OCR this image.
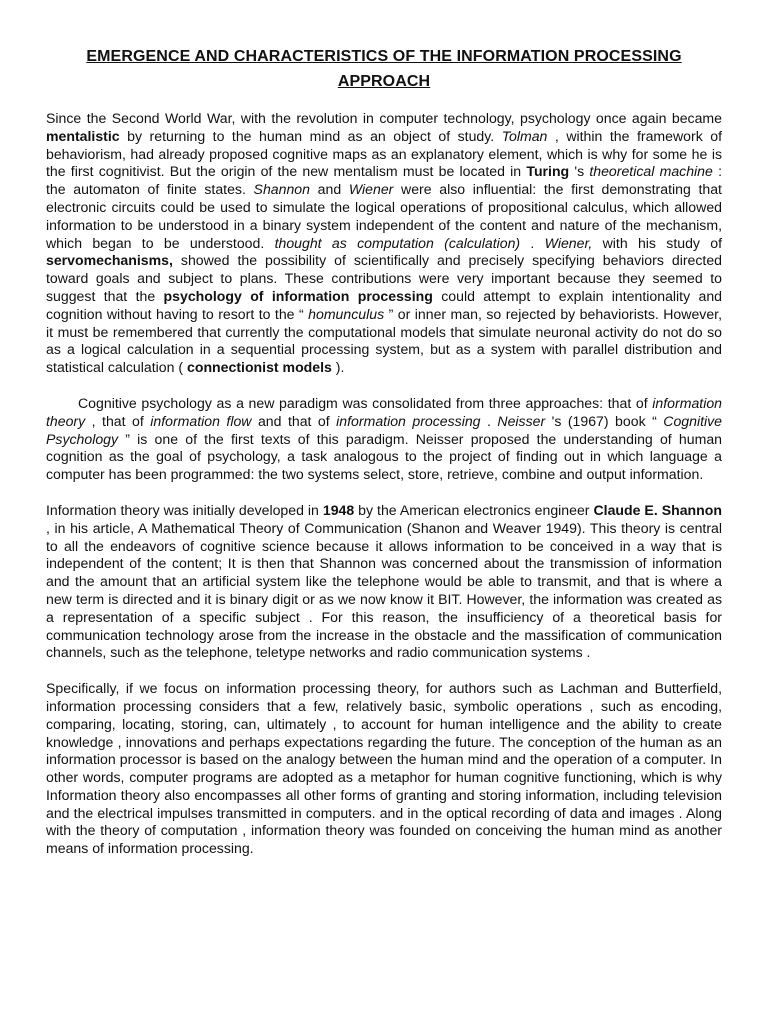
EMERGENCE AND CHARACTERISTICS OF THE INFORMATION PROCESSING APPROACH

Since the Second World War, with the revolution in computer technology, psychology once again became mentalistic by returning to the human mind as an object of study. Tolman , within the framework of behaviorism, had already proposed cognitive maps as an explanatory element, which is why for some he is the first cognitivist. But the origin of the new mentalism must be located in Turing 's theoretical machine : the automaton of finite states. Shannon and Wiener were also influential: the first demonstrating that electronic circuits could be used to simulate the logical operations of propositional calculus, which allowed information to be understood in a binary system independent of the content and nature of the mechanism, which began to be understood. thought as computation (calculation) . Wiener, with his study of servomechanisms, showed the possibility of scientifically and precisely specifying behaviors directed toward goals and subject to plans. These contributions were very important because they seemed to suggest that the psychology of information processing could attempt to explain intentionality and cognition without having to resort to the “ homunculus ” or inner man, so rejected by behaviorists. However, it must be remembered that currently the computational models that simulate neuronal activity do not do so as a logical calculation in a sequential processing system, but as a system with parallel distribution and statistical calculation ( connectionist models ).

Cognitive psychology as a new paradigm was consolidated from three approaches: that of information theory , that of information flow and that of information processing . Neisser 's (1967) book “ Cognitive Psychology ” is one of the first texts of this paradigm. Neisser proposed the understanding of human cognition as the goal of psychology, a task analogous to the project of finding out in which language a computer has been programmed: the two systems select, store, retrieve, combine and output information.

Information theory was initially developed in 1948 by the American electronics engineer Claude E. Shannon , in his article, A Mathematical Theory of Communication (Shanon and Weaver 1949). This theory is central to all the endeavors of cognitive science because it allows information to be conceived in a way that is independent of the content; It is then that Shannon was concerned about the transmission of information and the amount that an artificial system like the telephone would be able to transmit, and that is where a new term is directed and it is binary digit or as we now know it BIT. However, the information was created as a representation of a specific subject . For this reason, the insufficiency of a theoretical basis for communication technology arose from the increase in the obstacle and the massification of communication channels, such as the telephone, teletype networks and radio communication systems .

Specifically, if we focus on information processing theory, for authors such as Lachman and Butterfield, information processing considers that a few, relatively basic, symbolic operations , such as encoding, comparing, locating, storing, can, ultimately , to account for human intelligence and the ability to create knowledge , innovations and perhaps expectations regarding the future. The conception of the human as an information processor is based on the analogy between the human mind and the operation of a computer. In other words, computer programs are adopted as a metaphor for human cognitive functioning, which is why Information theory also encompasses all other forms of granting and storing information, including television and the electrical impulses transmitted in computers. and in the optical recording of data and images . Along with the theory of computation , information theory was founded on conceiving the human mind as another means of information processing.
